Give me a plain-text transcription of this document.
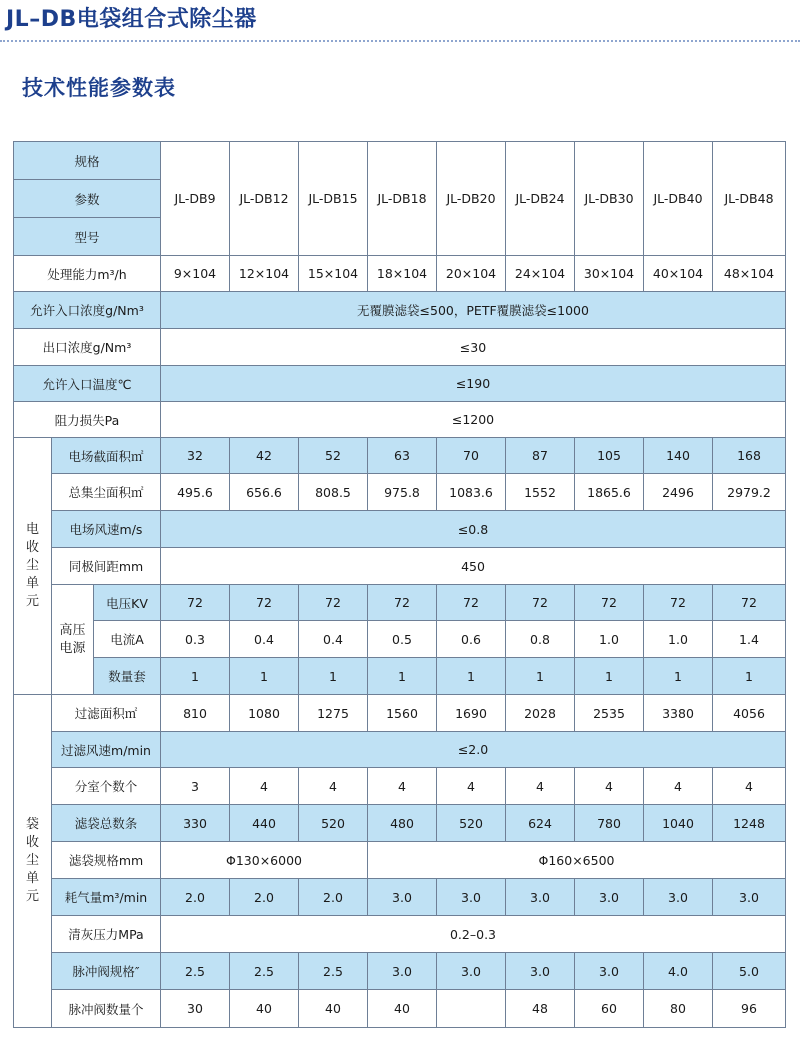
JL–DB电袋组合式除尘器
技术性能参数表
规格			JL-DB9	JL-DB12	JL-DB15	JL-DB18	JL-DB20	JL-DB24	JL-DB30	JL-DB40	JL-DB48
参数											
型号											
处理能力m³/h			9×104	12×104	15×104	18×104	20×104	24×104	30×104	40×104	48×104
允许入口浓度g/Nm³			无覆膜滤袋≤500，PETF覆膜滤袋≤1000								
出口浓度g/Nm³			≤30								
允许入口温度℃			≤190								
阻力损失Pa			≤1200								
电收尘单元	电场截面积㎡		32	42	52	63	70	87	105	140	168
	总集尘面积㎡		495.6	656.6	808.5	975.8	1083.6	1552	1865.6	2496	2979.2
	电场风速m/s		≤0.8								
	同极间距mm		450								
	高压电源	电压KV	72	72	72	72	72	72	72	72	72
		电流A	0.3	0.4	0.4	0.5	0.6	0.8	1.0	1.0	1.4
		数量套	1	1	1	1	1	1	1	1	1
袋收尘单元	过滤面积㎡		810	1080	1275	1560	1690	2028	2535	3380	4056
	过滤风速m/min		≤2.0								
	分室个数个		3	4	4	4	4	4	4	4	4
	滤袋总数条		330	440	520	480	520	624	780	1040	1248
	滤袋规格mm		Φ130×6000			Φ160×6500					
	耗气量m³/min		2.0	2.0	2.0	3.0	3.0	3.0	3.0	3.0	3.0
	清灰压力MPa		0.2–0.3								
	脉冲阀规格″		2.5	2.5	2.5	3.0	3.0	3.0	3.0	4.0	5.0
	脉冲阀数量个		30	40	40	40		48	60	80	96
